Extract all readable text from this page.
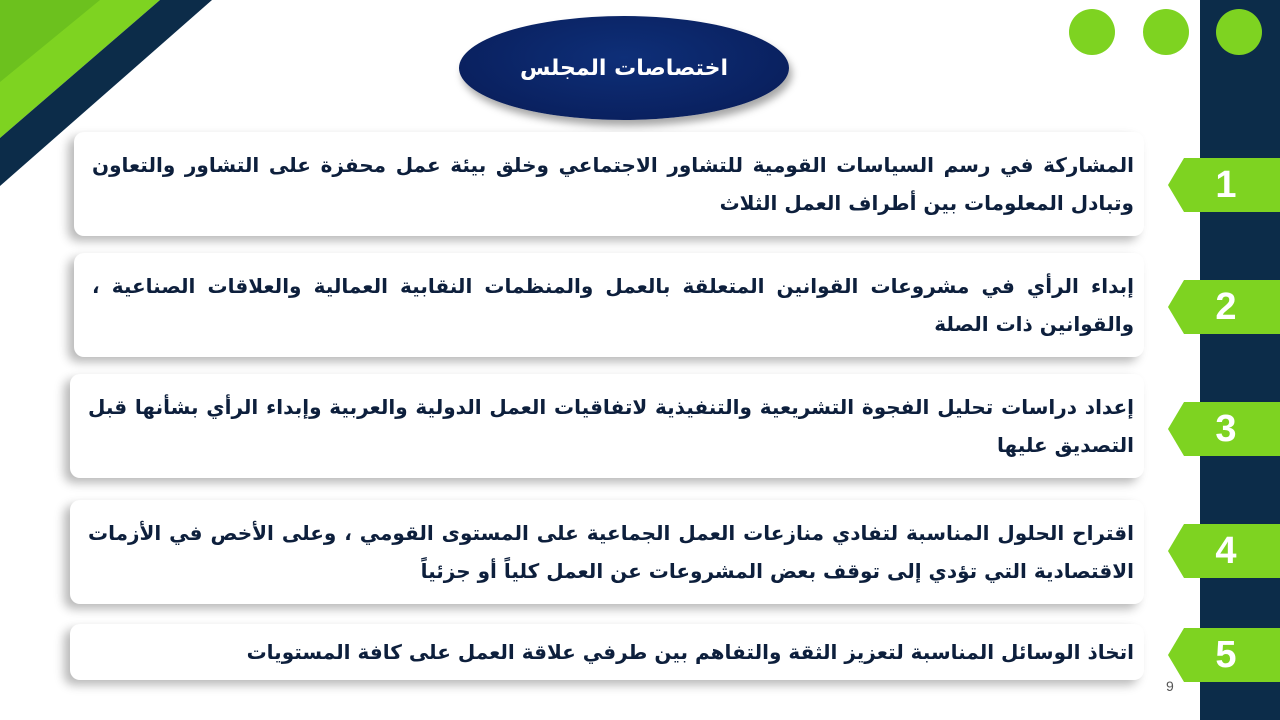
اختصاصات المجلس
المشاركة في رسم السياسات القومية للتشاور الاجتماعي وخلق بيئة عمل محفزة على التشاور والتعاون وتبادل المعلومات بين أطراف العمل الثلاث
إبداء الرأي في مشروعات القوانين المتعلقة بالعمل والمنظمات النقابية العمالية والعلاقات الصناعية ، والقوانين ذات الصلة
إعداد دراسات تحليل الفجوة التشريعية والتنفيذية لاتفاقيات العمل الدولية والعربية وإبداء الرأي بشأنها قبل التصديق عليها
اقتراح الحلول المناسبة لتفادي منازعات العمل الجماعية على المستوى القومي ، وعلى الأخص في الأزمات الاقتصادية التي تؤدي إلى توقف بعض المشروعات عن العمل كلياً أو جزئياً
اتخاذ الوسائل المناسبة لتعزيز الثقة والتفاهم بين طرفي علاقة العمل على كافة المستويات
1
2
3
4
5
9
